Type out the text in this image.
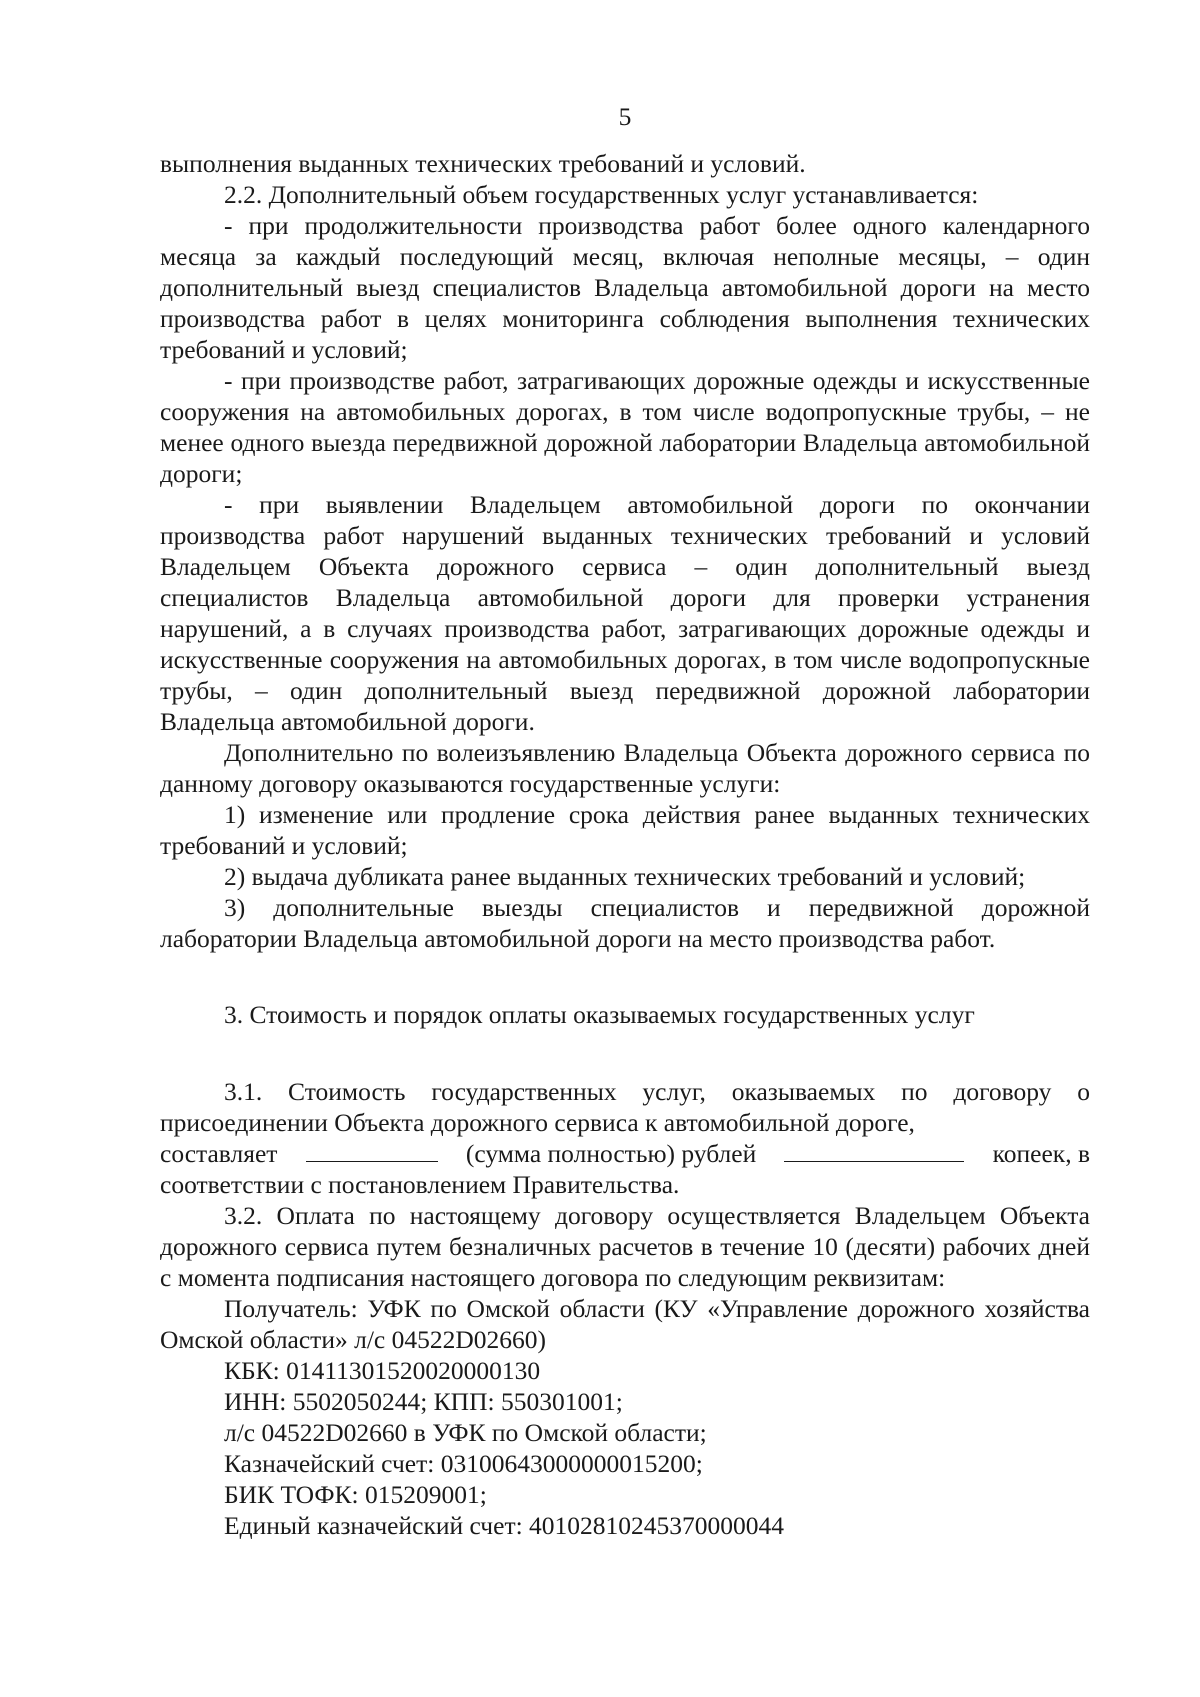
5

выполнения выданных технических требований и условий.

2.2. Дополнительный объем государственных услуг устанавливается:

- при продолжительности производства работ более одного календарного месяца за каждый последующий месяц, включая неполные месяцы, – один дополнительный выезд специалистов Владельца автомобильной дороги на место производства работ в целях мониторинга соблюдения выполнения технических требований и условий;

- при производстве работ, затрагивающих дорожные одежды и искусственные сооружения на автомобильных дорогах, в том числе водопропускные трубы, – не менее одного выезда передвижной дорожной лаборатории Владельца автомобильной дороги;

- при выявлении Владельцем автомобильной дороги по окончании производства работ нарушений выданных технических требований и условий Владельцем Объекта дорожного сервиса – один дополнительный выезд специалистов Владельца автомобильной дороги для проверки устранения нарушений, а в случаях производства работ, затрагивающих дорожные одежды и искусственные сооружения на автомобильных дорогах, в том числе водопропускные трубы, – один дополнительный выезд передвижной дорожной лаборатории Владельца автомобильной дороги.

Дополнительно по волеизъявлению Владельца Объекта дорожного сервиса по данному договору оказываются государственные услуги:

1) изменение или продление срока действия ранее выданных технических требований и условий;

2) выдача дубликата ранее выданных технических требований и условий;

3) дополнительные выезды специалистов и передвижной дорожной лаборатории Владельца автомобильной дороги на место производства работ.

3. Стоимость и порядок оплаты оказываемых государственных услуг

3.1. Стоимость государственных услуг, оказываемых по договору о присоединении Объекта дорожного сервиса к автомобильной дороге,

составляет	(сумма полностью) рублей	копеек, в

соответствии с постановлением Правительства.

3.2. Оплата по настоящему договору осуществляется Владельцем Объекта дорожного сервиса путем безналичных расчетов в течение 10 (десяти) рабочих дней с момента подписания настоящего договора по следующим реквизитам:

Получатель: УФК по Омской области (КУ «Управление дорожного хозяйства Омской области» л/с 04522D02660)

КБК: 01411301520020000130
ИНН: 5502050244; КПП: 550301001;
л/с 04522D02660 в УФК по Омской области;
Казначейский счет: 03100643000000015200;
БИК ТОФК: 015209001;
Единый казначейский счет: 40102810245370000044
